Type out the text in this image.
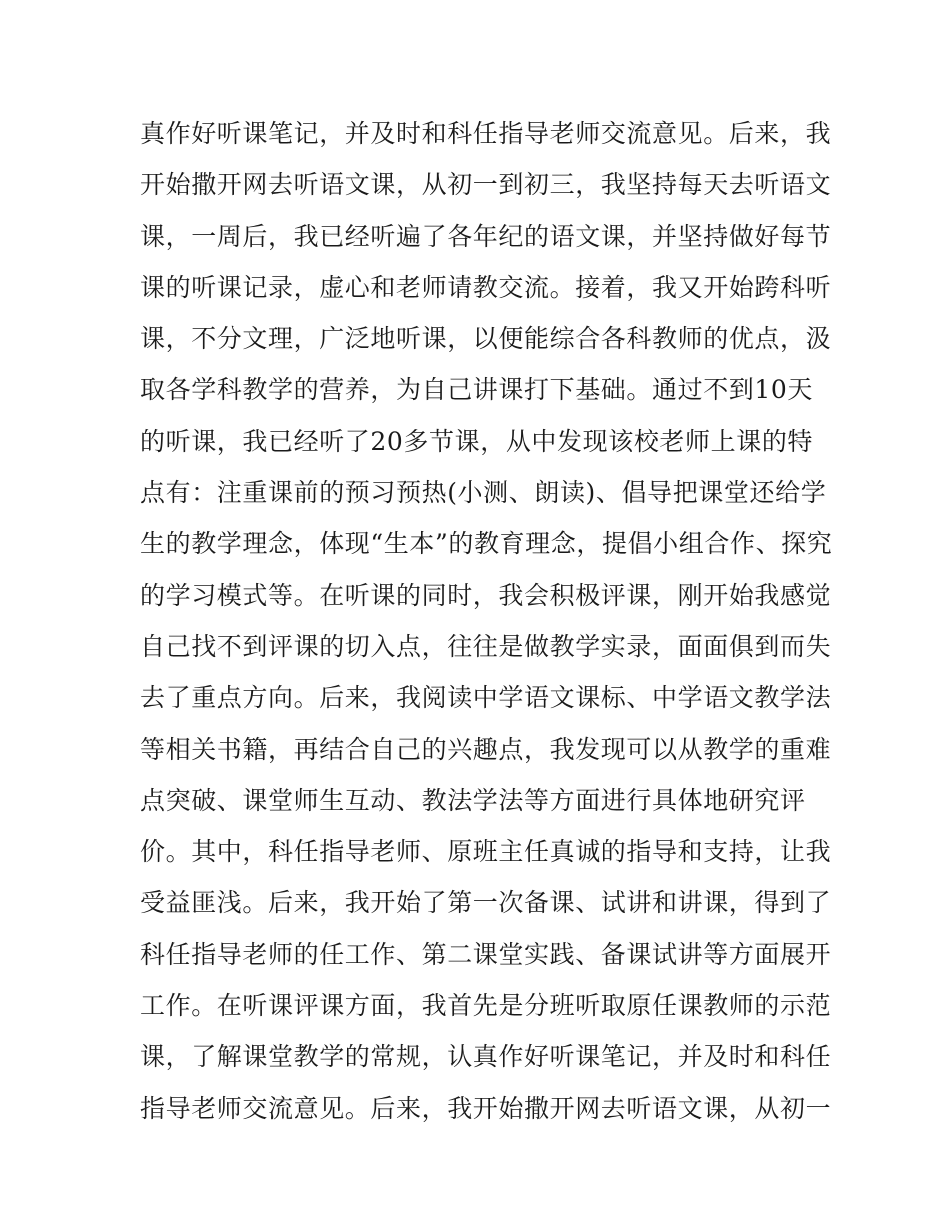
真作好听课笔记，并及时和科任指导老师交流意见。后来，我
开始撒开网去听语文课，从初一到初三，我坚持每天去听语文
课，一周后，我已经听遍了各年纪的语文课，并坚持做好每节
课的听课记录，虚心和老师请教交流。接着，我又开始跨科听
课，不分文理，广泛地听课，以便能综合各科教师的优点，汲
取各学科教学的营养，为自己讲课打下基础。通过不到10天
的听课，我已经听了20多节课，从中发现该校老师上课的特
点有：注重课前的预习预热(小测、朗读)、倡导把课堂还给学
生的教学理念，体现“生本”的教育理念，提倡小组合作、探究
的学习模式等。在听课的同时，我会积极评课，刚开始我感觉
自己找不到评课的切入点，往往是做教学实录，面面俱到而失
去了重点方向。后来，我阅读中学语文课标、中学语文教学法
等相关书籍，再结合自己的兴趣点，我发现可以从教学的重难
点突破、课堂师生互动、教法学法等方面进行具体地研究评
价。其中，科任指导老师、原班主任真诚的指导和支持，让我
受益匪浅。后来，我开始了第一次备课、试讲和讲课，得到了
科任指导老师的任工作、第二课堂实践、备课试讲等方面展开
工作。在听课评课方面，我首先是分班听取原任课教师的示范
课，了解课堂教学的常规，认真作好听课笔记，并及时和科任
指导老师交流意见。后来，我开始撒开网去听语文课，从初一
